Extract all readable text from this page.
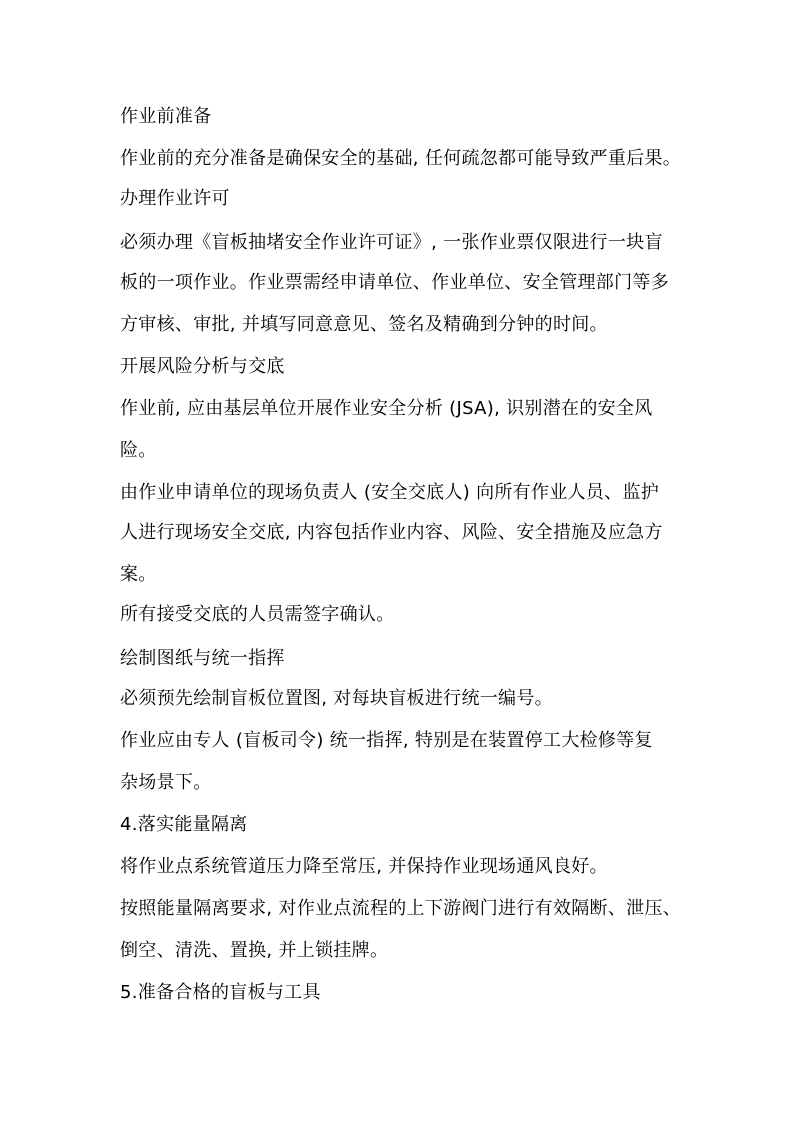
作业前准备
作业前的充分准备是确保安全的基础, 任何疏忽都可能导致严重后果。
办理作业许可
必须办理《盲板抽堵安全作业许可证》, 一张作业票仅限进行一块盲
板的一项作业。作业票需经申请单位、作业单位、安全管理部门等多
方审核、审批, 并填写同意意见、签名及精确到分钟的时间。
开展风险分析与交底
作业前, 应由基层单位开展作业安全分析 (JSA), 识别潜在的安全风
险。
由作业申请单位的现场负责人 (安全交底人) 向所有作业人员、监护
人进行现场安全交底, 内容包括作业内容、风险、安全措施及应急方
案。
所有接受交底的人员需签字确认。
绘制图纸与统一指挥
必须预先绘制盲板位置图, 对每块盲板进行统一编号。
作业应由专人 (盲板司令) 统一指挥, 特别是在装置停工大检修等复
杂场景下。
4.落实能量隔离
将作业点系统管道压力降至常压, 并保持作业现场通风良好。
按照能量隔离要求, 对作业点流程的上下游阀门进行有效隔断、泄压、
倒空、清洗、置换, 并上锁挂牌。
5.准备合格的盲板与工具
